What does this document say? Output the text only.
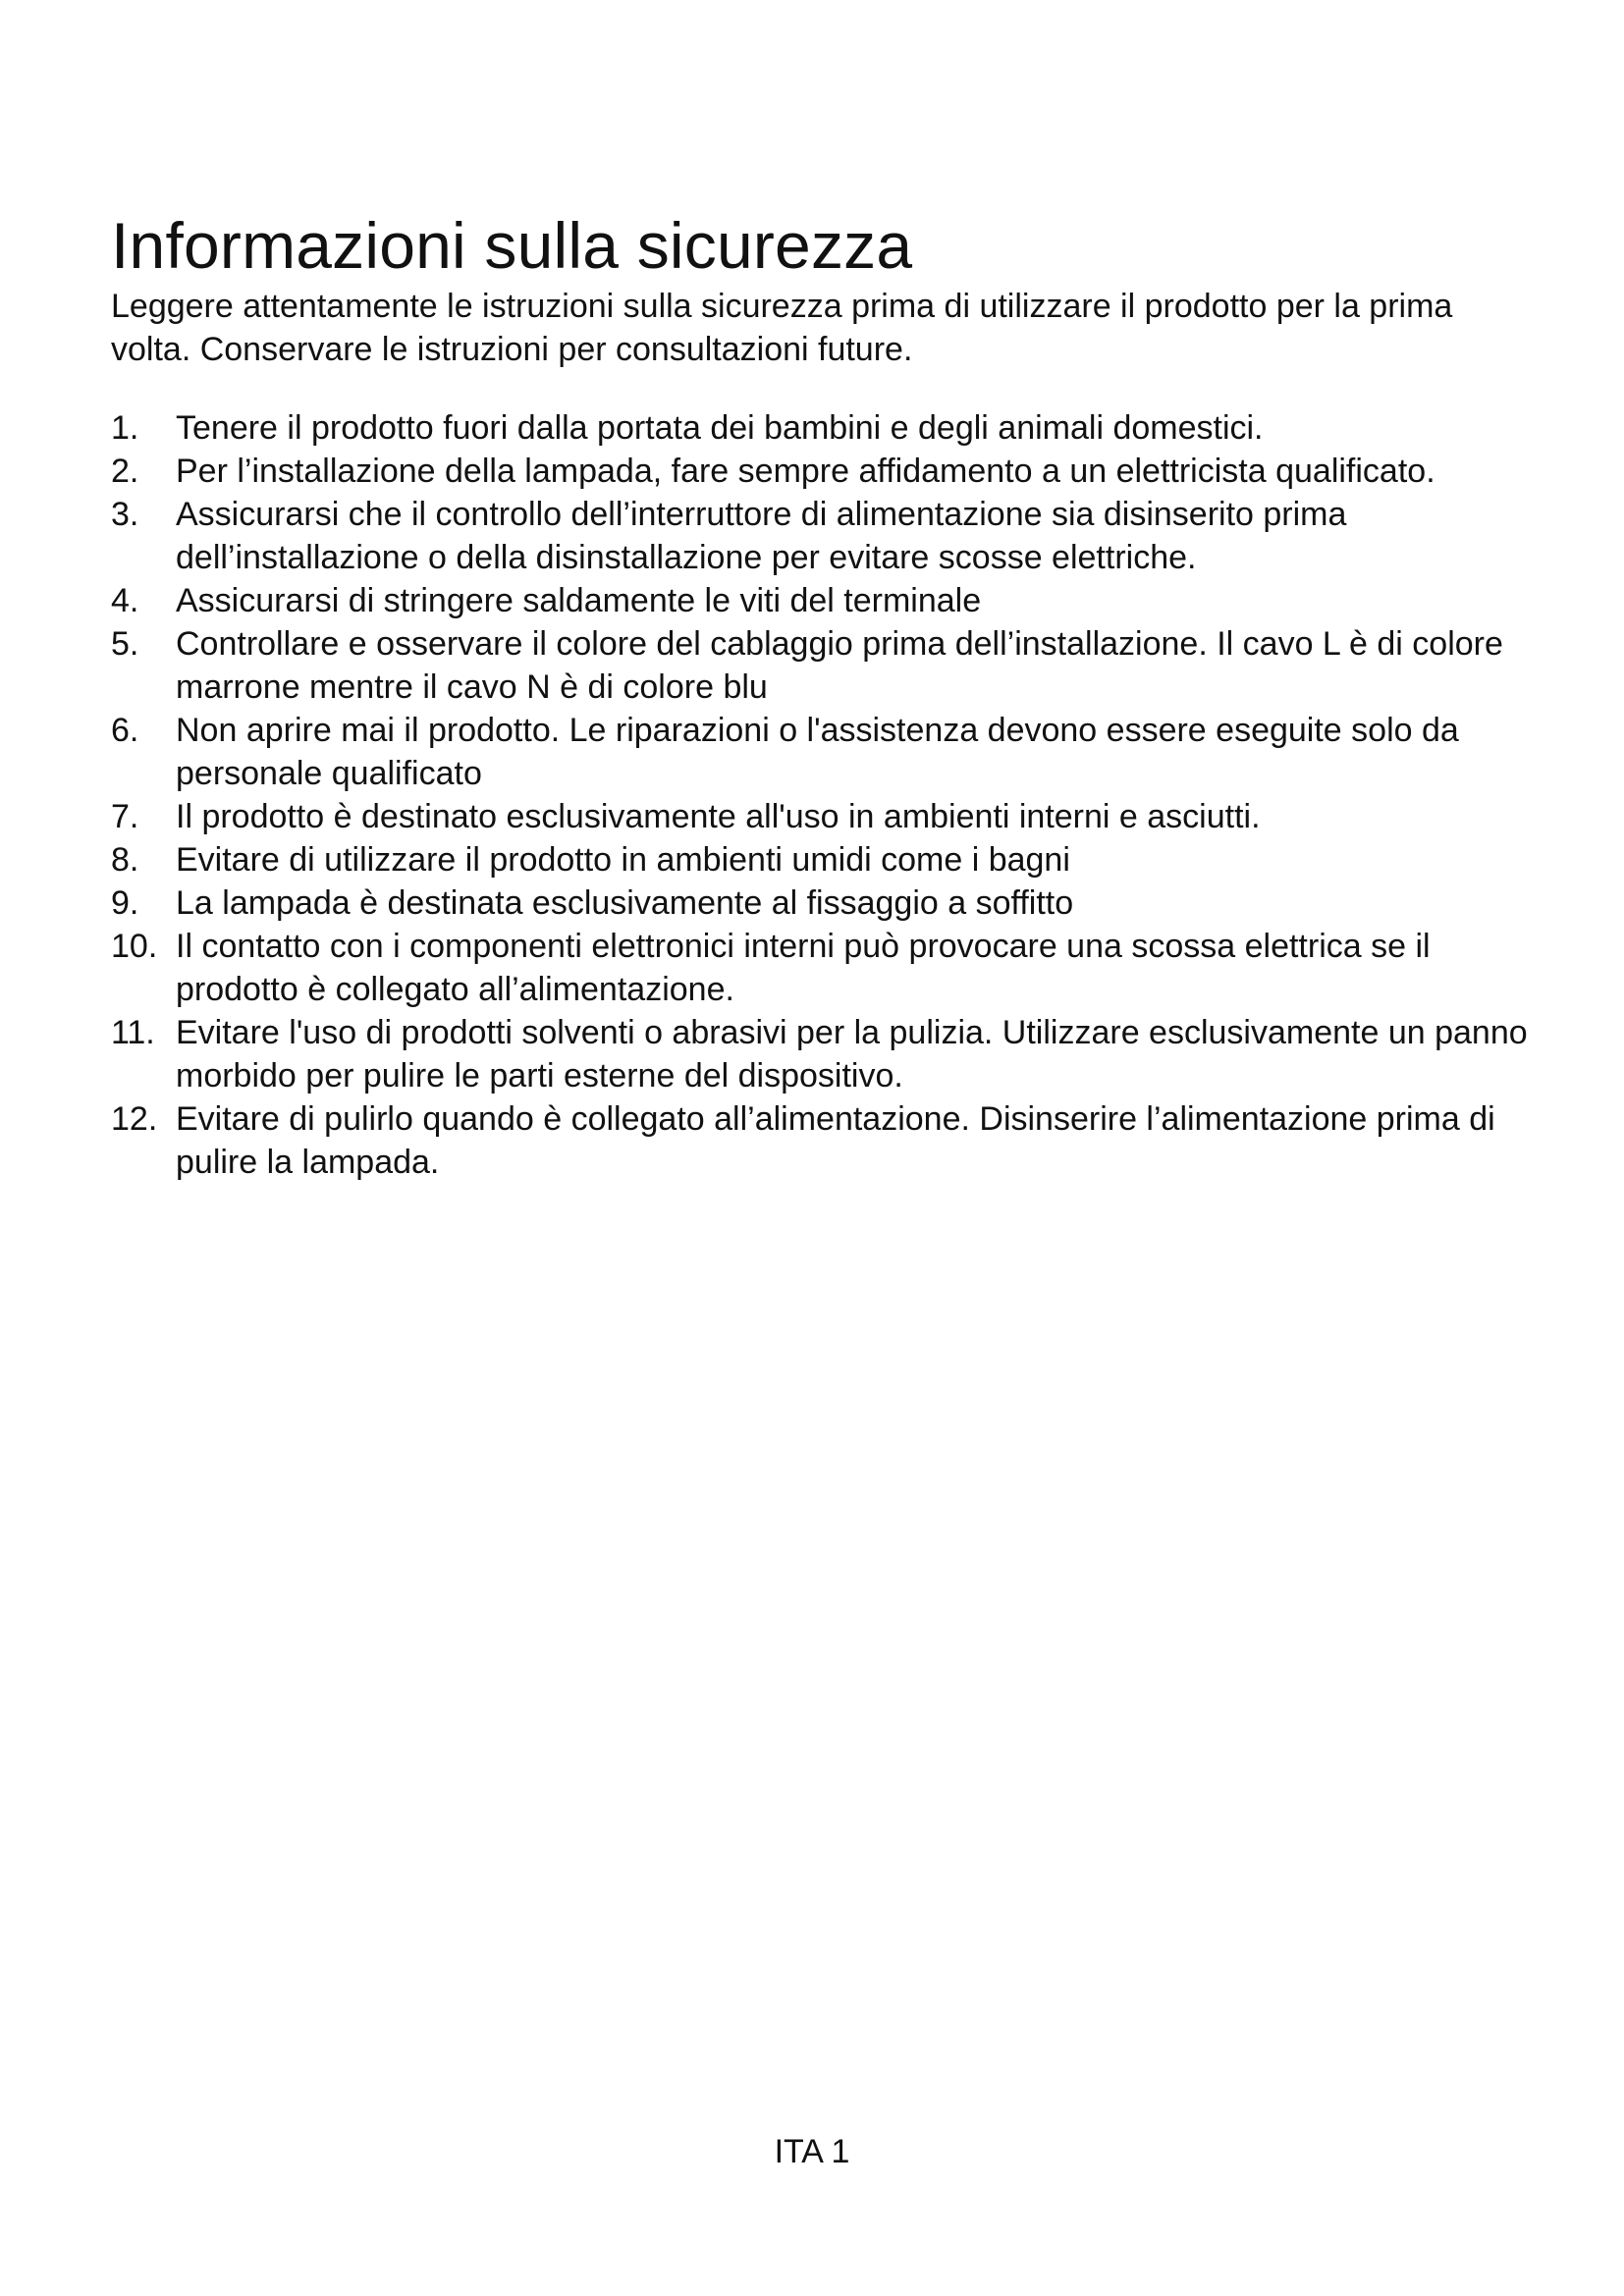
Informazioni sulla sicurezza

Leggere attentamente le istruzioni sulla sicurezza prima di utilizzare il prodotto per la prima volta. Conservare le istruzioni per consultazioni future.

1.	Tenere il prodotto fuori dalla portata dei bambini e degli animali domestici.
2.	Per l’installazione della lampada, fare sempre affidamento a un elettricista qualificato.
3.	Assicurarsi che il controllo dell’interruttore di alimentazione sia disinserito prima dell’installazione o della disinstallazione per evitare scosse elettriche.
4.	Assicurarsi di stringere saldamente le viti del terminale
5.	Controllare e osservare il colore del cablaggio prima dell’installazione. Il cavo L è di colore marrone mentre il cavo N è di colore blu
6.	Non aprire mai il prodotto. Le riparazioni o l'assistenza devono essere eseguite solo da personale qualificato
7.	Il prodotto è destinato esclusivamente all'uso in ambienti interni e asciutti.
8.	Evitare di utilizzare il prodotto in ambienti umidi come i bagni
9.	La lampada è destinata esclusivamente al fissaggio a soffitto
10. Il contatto con i componenti elettronici interni può provocare una scossa elettrica se il prodotto è collegato all’alimentazione.
11. Evitare l'uso di prodotti solventi o abrasivi per la pulizia. Utilizzare esclusivamente un panno morbido per pulire le parti esterne del dispositivo.
12. Evitare di pulirlo quando è collegato all’alimentazione. Disinserire l’alimentazione prima di pulire la lampada.
ITA 1
